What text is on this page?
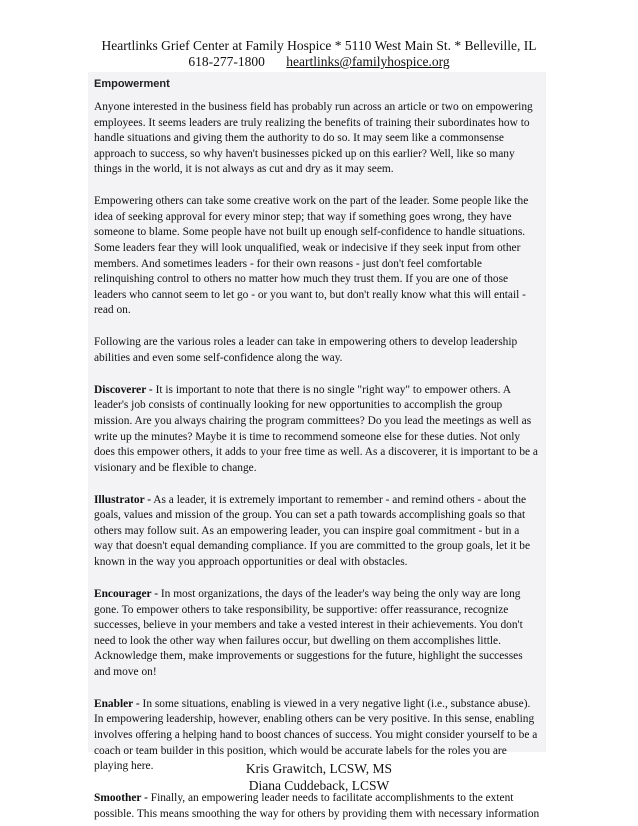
Heartlinks Grief Center at Family Hospice * 5110 West Main St. * Belleville, IL
618-277-1800 heartlinks@familyhospice.org
Empowerment

Anyone interested in the business field has probably run across an article or two on empowering employees. It seems leaders are truly realizing the benefits of training their subordinates how to handle situations and giving them the authority to do so. It may seem like a commonsense approach to success, so why haven't businesses picked up on this earlier? Well, like so many things in the world, it is not always as cut and dry as it may seem.

Empowering others can take some creative work on the part of the leader. Some people like the idea of seeking approval for every minor step; that way if something goes wrong, they have someone to blame. Some people have not built up enough self-confidence to handle situations. Some leaders fear they will look unqualified, weak or indecisive if they seek input from other members. And sometimes leaders - for their own reasons - just don't feel comfortable relinquishing control to others no matter how much they trust them. If you are one of those leaders who cannot seem to let go - or you want to, but don't really know what this will entail - read on.

Following are the various roles a leader can take in empowering others to develop leadership abilities and even some self-confidence along the way.

Discoverer - It is important to note that there is no single "right way" to empower others. A leader's job consists of continually looking for new opportunities to accomplish the group mission. Are you always chairing the program committees? Do you lead the meetings as well as write up the minutes? Maybe it is time to recommend someone else for these duties. Not only does this empower others, it adds to your free time as well. As a discoverer, it is important to be a visionary and be flexible to change.

Illustrator - As a leader, it is extremely important to remember - and remind others - about the goals, values and mission of the group. You can set a path towards accomplishing goals so that others may follow suit. As an empowering leader, you can inspire goal commitment - but in a way that doesn't equal demanding compliance. If you are committed to the group goals, let it be known in the way you approach opportunities or deal with obstacles.

Encourager - In most organizations, the days of the leader's way being the only way are long gone. To empower others to take responsibility, be supportive: offer reassurance, recognize successes, believe in your members and take a vested interest in their achievements. You don't need to look the other way when failures occur, but dwelling on them accomplishes little. Acknowledge them, make improvements or suggestions for the future, highlight the successes and move on!

Enabler - In some situations, enabling is viewed in a very negative light (i.e., substance abuse). In empowering leadership, however, enabling others can be very positive. In this sense, enabling involves offering a helping hand to boost chances of success. You might consider yourself to be a coach or team builder in this position, which would be accurate labels for the roles you are playing here.

Smoother - Finally, an empowering leader needs to facilitate accomplishments to the extent possible. This means smoothing the way for others by providing them with necessary information

Kris Grawitch, LCSW, MS
Diana Cuddeback, LCSW
